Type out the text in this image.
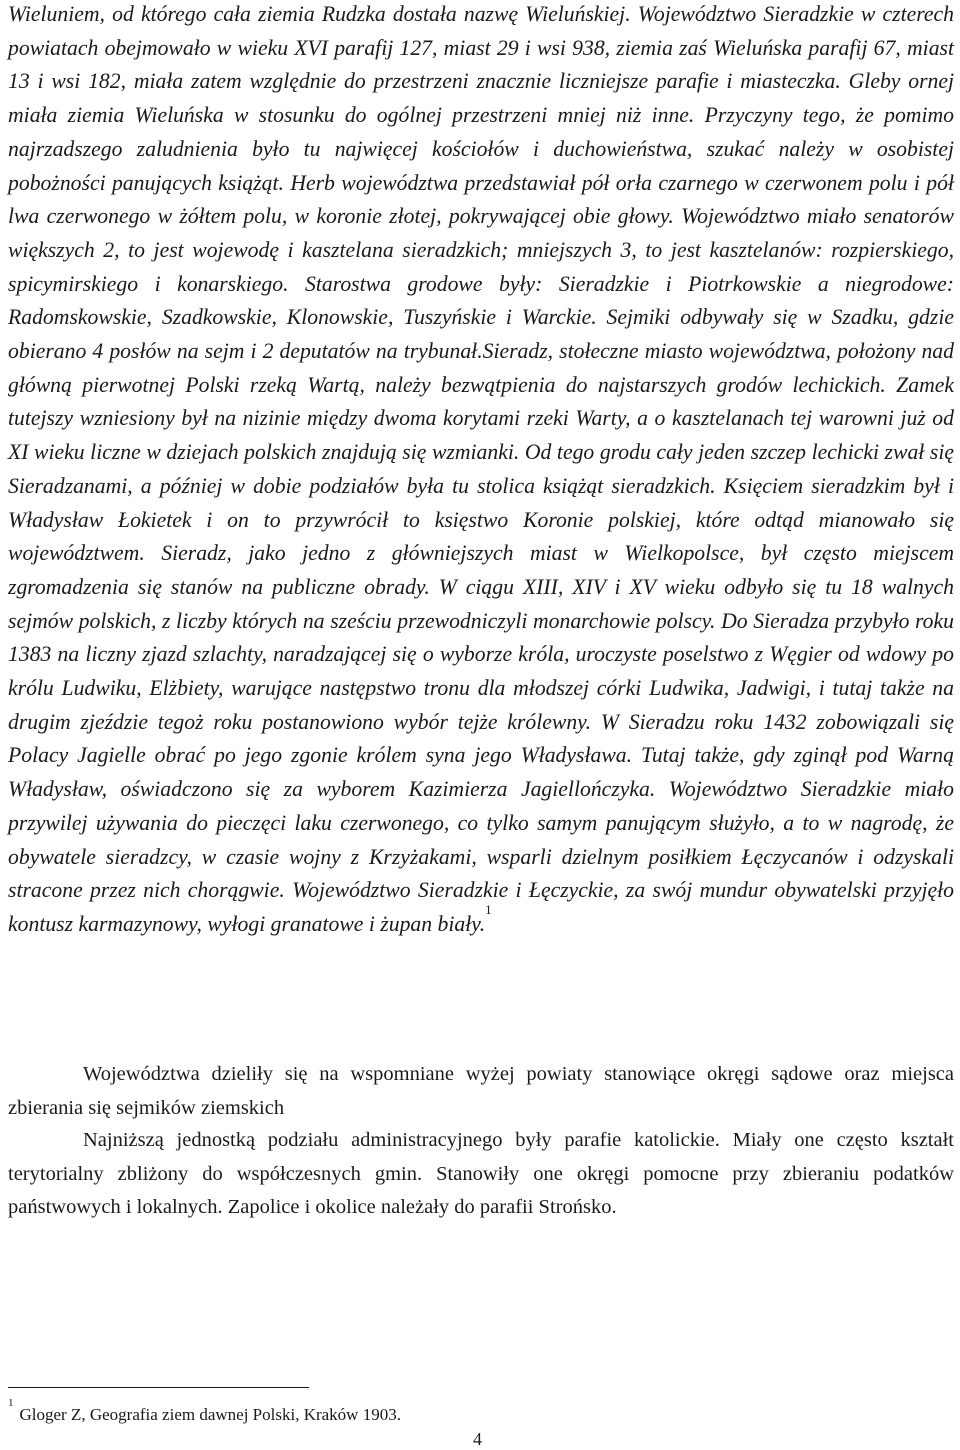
Wieluniem, od którego cała ziemia Rudzka dostała nazwę Wieluńskiej. Województwo Sieradzkie w czterech powiatach obejmowało w wieku XVI parafij 127, miast 29 i wsi 938, ziemia zaś Wieluńska parafij 67, miast 13 i wsi 182, miała zatem względnie do przestrzeni znacznie liczniejsze parafie i miasteczka. Gleby ornej miała ziemia Wieluńska w stosunku do ogólnej przestrzeni mniej niż inne. Przyczyny tego, że pomimo najrzadszego zaludnienia było tu najwięcej kościołów i duchowieństwa, szukać należy w osobistej pobożności panujących książąt. Herb województwa przedstawiał pół orła czarnego w czerwonem polu i pół lwa czerwonego w żółtem polu, w koronie złotej, pokrywającej obie głowy. Województwo miało senatorów większych 2, to jest wojewodę i kasztelana sieradzkich; mniejszych 3, to jest kasztelanów: rozpierskiego, spicymirskiego i konarskiego. Starostwa grodowe były: Sieradzkie i Piotrkowskie a niegrodowe: Radomskowskie, Szadkowskie, Klonowskie, Tuszyńskie i Warckie. Sejmiki odbywały się w Szadku, gdzie obierano 4 posłów na sejm i 2 deputatów na trybunał.Sieradz, stołeczne miasto województwa, położony nad główną pierwotnej Polski rzeką Wartą, należy bezwątpienia do najstarszych grodów lechickich. Zamek tutejszy wzniesiony był na nizinie między dwoma korytami rzeki Warty, a o kasztelanach tej warowni już od XI wieku liczne w dziejach polskich znajdują się wzmianki. Od tego grodu cały jeden szczep lechicki zwał się Sieradzanami, a później w dobie podziałów była tu stolica książąt sieradzkich. Księciem sieradzkim był i Władysław Łokietek i on to przywrócił to księstwo Koronie polskiej, które odtąd mianowało się województwem. Sieradz, jako jedno z główniejszych miast w Wielkopolsce, był często miejscem zgromadzenia się stanów na publiczne obrady. W ciągu XIII, XIV i XV wieku odbyło się tu 18 walnych sejmów polskich, z liczby których na sześciu przewodniczyli monarchowie polscy. Do Sieradza przybyło roku 1383 na liczny zjazd szlachty, naradzającej się o wyborze króla, uroczyste poselstwo z Węgier od wdowy po królu Ludwiku, Elżbiety, warujące następstwo tronu dla młodszej córki Ludwika, Jadwigi, i tutaj także na drugim zjeździe tegoż roku postanowiono wybór tejże królewny. W Sieradzu roku 1432 zobowiązali się Polacy Jagielle obrać po jego zgonie królem syna jego Władysława. Tutaj także, gdy zginął pod Warną Władysław, oświadczono się za wyborem Kazimierza Jagiellończyka. Województwo Sieradzkie miało przywilej używania do pieczęci laku czerwonego, co tylko samym panującym służyło, a to w nagrodę, że obywatele sieradzcy, w czasie wojny z Krzyżakami, wsparli dzielnym posiłkiem Łęczycanów i odzyskali stracone przez nich chorągwie. Województwo Sieradzkie i Łęczyckie, za swój mundur obywatelski przyjęło kontusz karmazynowy, wyłogi granatowe i żupan biały.$^1$

Województwa dzieliły się na wspomniane wyżej powiaty stanowiące okręgi sądowe oraz miejsca zbierania się sejmików ziemskich

Najniższą jednostką podziału administracyjnego były parafie katolickie. Miały one często kształt terytorialny zbliżony do współczesnych gmin. Stanowiły one okręgi pomocne przy zbieraniu podatków państwowych i lokalnych. Zapolice i okolice należały do parafii Strońsko.

$^1$Gloger Z, Geografia ziem dawnej Polski, Kraków 1903.

4
